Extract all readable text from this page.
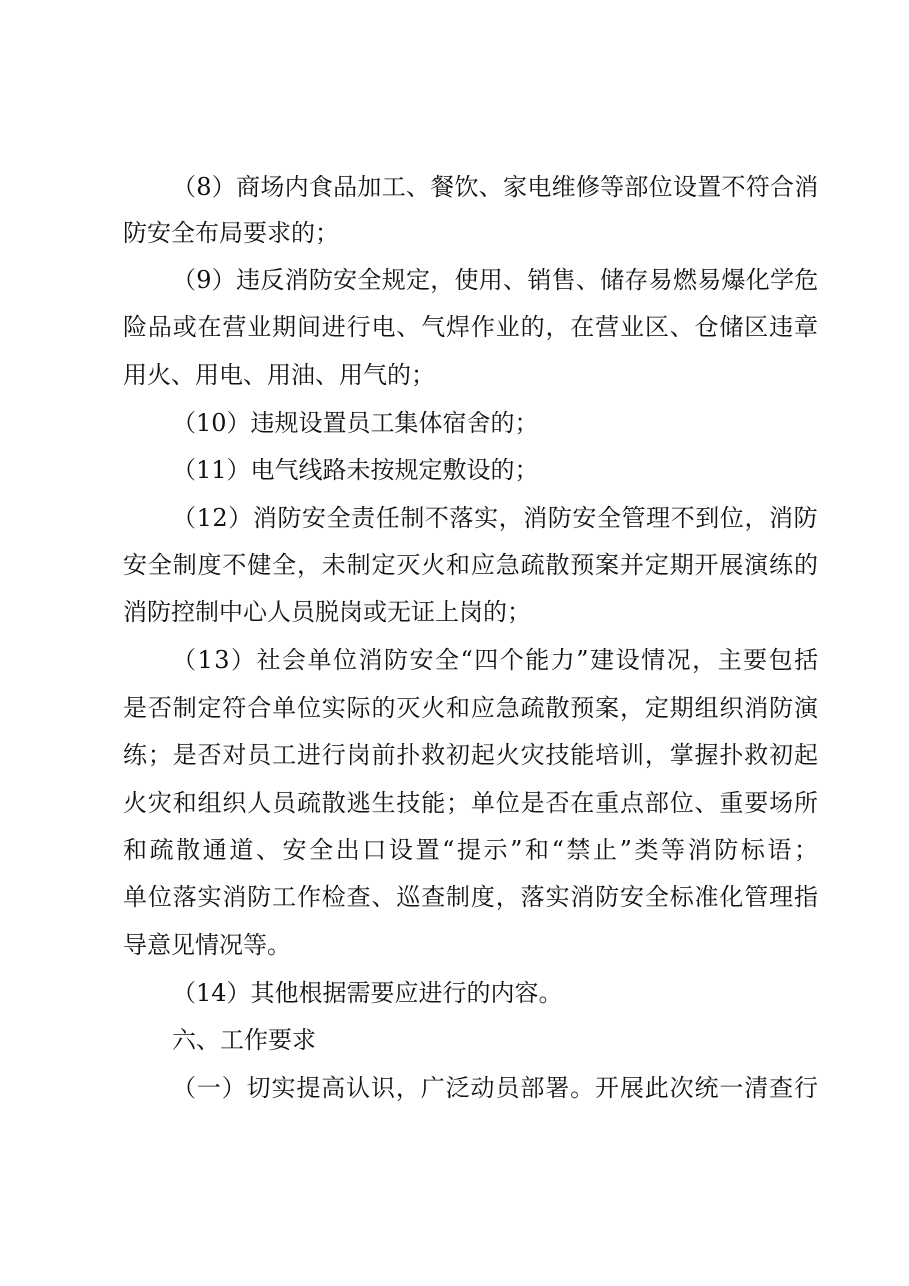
（8）商场内食品加工、餐饮、家电维修等部位设置不符合消
防安全布局要求的；
（9）违反消防安全规定，使用、销售、储存易燃易爆化学危
险品或在营业期间进行电、气焊作业的，在营业区、仓储区违章
用火、用电、用油、用气的；
（10）违规设置员工集体宿舍的；
（11）电气线路未按规定敷设的；
（12）消防安全责任制不落实，消防安全管理不到位，消防
安全制度不健全，未制定灭火和应急疏散预案并定期开展演练的
消防控制中心人员脱岗或无证上岗的；
（13）社会单位消防安全“四个能力”建设情况，主要包括
是否制定符合单位实际的灭火和应急疏散预案，定期组织消防演
练；是否对员工进行岗前扑救初起火灾技能培训，掌握扑救初起
火灾和组织人员疏散逃生技能；单位是否在重点部位、重要场所
和疏散通道、安全出口设置“提示”和“禁止”类等消防标语；
单位落实消防工作检查、巡查制度，落实消防安全标准化管理指
导意见情况等。
（14）其他根据需要应进行的内容。
六、工作要求
（一）切实提高认识，广泛动员部署。开展此次统一清查行
